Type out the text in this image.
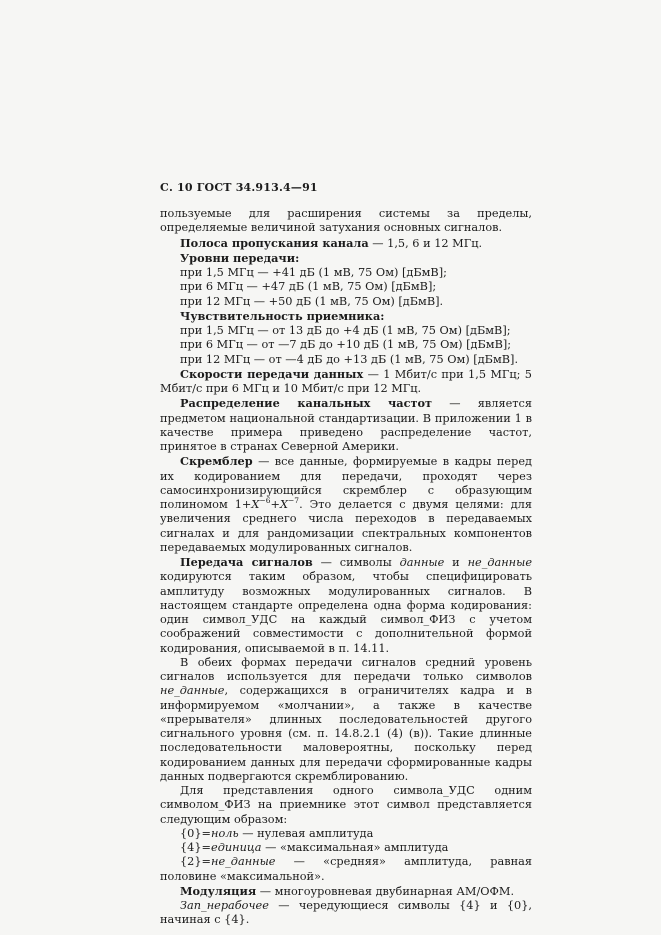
С. 10 ГОСТ 34.913.4—91

пользуемые для расширения системы за пределы, определяемые величиной затухания основных сигналов.

Полоса пропускания канала — 1,5, 6 и 12 МГц.

Уровни передачи:

при 1,5 МГц — +41 дБ (1 мВ, 75 Ом) [дБмВ];

при 6 МГц — +47 дБ (1 мВ, 75 Ом) [дБмВ];

при 12 МГц — +50 дБ (1 мВ, 75 Ом) [дБмВ].

Чувствительность приемника:

при 1,5 МГц — от 13 дБ до +4 дБ (1 мВ, 75 Ом) [дБмВ];

при 6 МГц — от —7 дБ до +10 дБ (1 мВ, 75 Ом) [дБмВ];

при 12 МГц — от —4 дБ до +13 дБ (1 мВ, 75 Ом) [дБмВ].

Скорости передачи данных — 1 Мбит/с при 1,5 МГц; 5 Мбит/с при 6 МГц и 10 Мбит/с при 12 МГц.

Распределение канальных частот — является предметом национальной стандартизации. В приложении 1 в качестве примера приведено распределение частот, принятое в странах Северной Америки.

Скремблер — все данные, формируемые в кадры перед их кодированием для передачи, проходят через самосинхронизирующийся скремблер с образующим полиномом $1+X^{-6}+X^{-7}$. Это делается с двумя целями: для увеличения среднего числа переходов в передаваемых сигналах и для рандомизации спектральных компонентов передаваемых модулированных сигналов.

Передача сигналов — символы данные и не_данные кодируются таким образом, чтобы специфицировать амплитуду возможных модулированных сигналов. В настоящем стандарте определена одна форма кодирования: один символ_УДС на каждый символ_ФИЗ с учетом соображений совместимости с дополнительной формой кодирования, описываемой в п. 14.11.

В обеих формах передачи сигналов средний уровень сигналов используется для передачи только символов не_данные, содержащихся в ограничителях кадра и в информируемом «молчании», а также в качестве «прерывателя» длинных последовательностей другого сигнального уровня (см. п. 14.8.2.1 (4) (в)). Такие длинные последовательности маловероятны, поскольку перед кодированием данных для передачи сформированные кадры данных подвергаются скремблированию.

Для представления одного символа_УДС одним символом_ФИЗ на приемнике этот символ представляется следующим образом:

{0}=ноль — нулевая амплитуда

{4}=единица — «максимальная» амплитуда

{2}=не_данные — «средняя» амплитуда, равная половине «максимальной».

Модуляция — многоуровневая двубинарная АМ/ОФМ.

Зап_нерабочее — чередующиеся символы {4} и {0}, начиная с {4}.
